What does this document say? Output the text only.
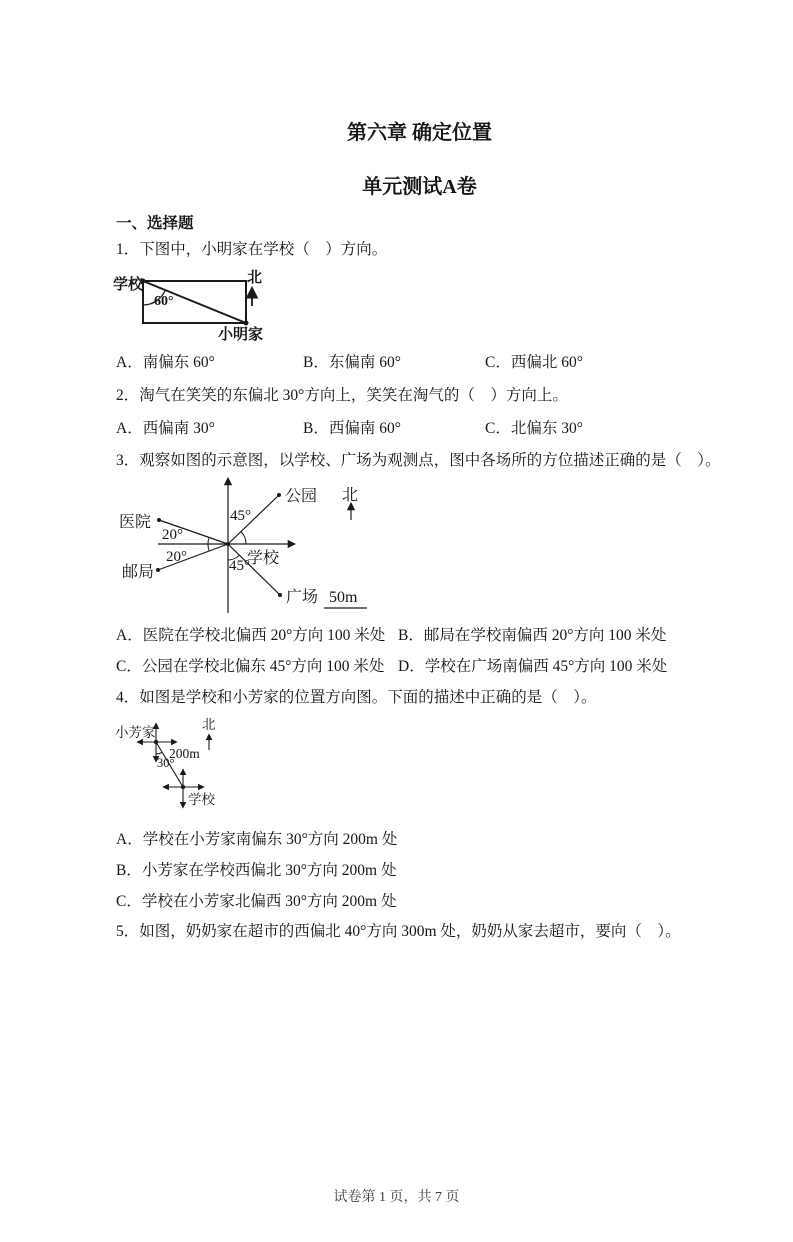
第六章 确定位置
单元测试A卷
一、选择题

1．下图中，小明家在学校（　）方向。

学校
60°
小明家
北
A．南偏东 60°	B．东偏南 60°	C．西偏北 60°

2．淘气在笑笑的东偏北 30°方向上，笑笑在淘气的（　）方向上。

A．西偏南 30°	B．西偏南 60°	C．北偏东 30°

3．观察如图的示意图，以学校、广场为观测点，图中各场所的方位描述正确的是（　）。

医院
邮局
公园
广场
学校
45°
45°
20°
20°
北
50m
A．医院在学校北偏西 20°方向 100 米处 B．邮局在学校南偏西 20°方向 100 米处
C．公园在学校北偏东 45°方向 100 米处 D．学校在广场南偏西 45°方向 100 米处

4．如图是学校和小芳家的位置方向图。下面的描述中正确的是（　）。

小芳家
200m
30°
学校
北

A．学校在小芳家南偏东 30°方向 200m 处

B．小芳家在学校西偏北 30°方向 200m 处

C．学校在小芳家北偏西 30°方向 200m 处

5．如图，奶奶家在超市的西偏北 40°方向 300m 处，奶奶从家去超市，要向（　）。

试卷第 1 页，共 7 页
